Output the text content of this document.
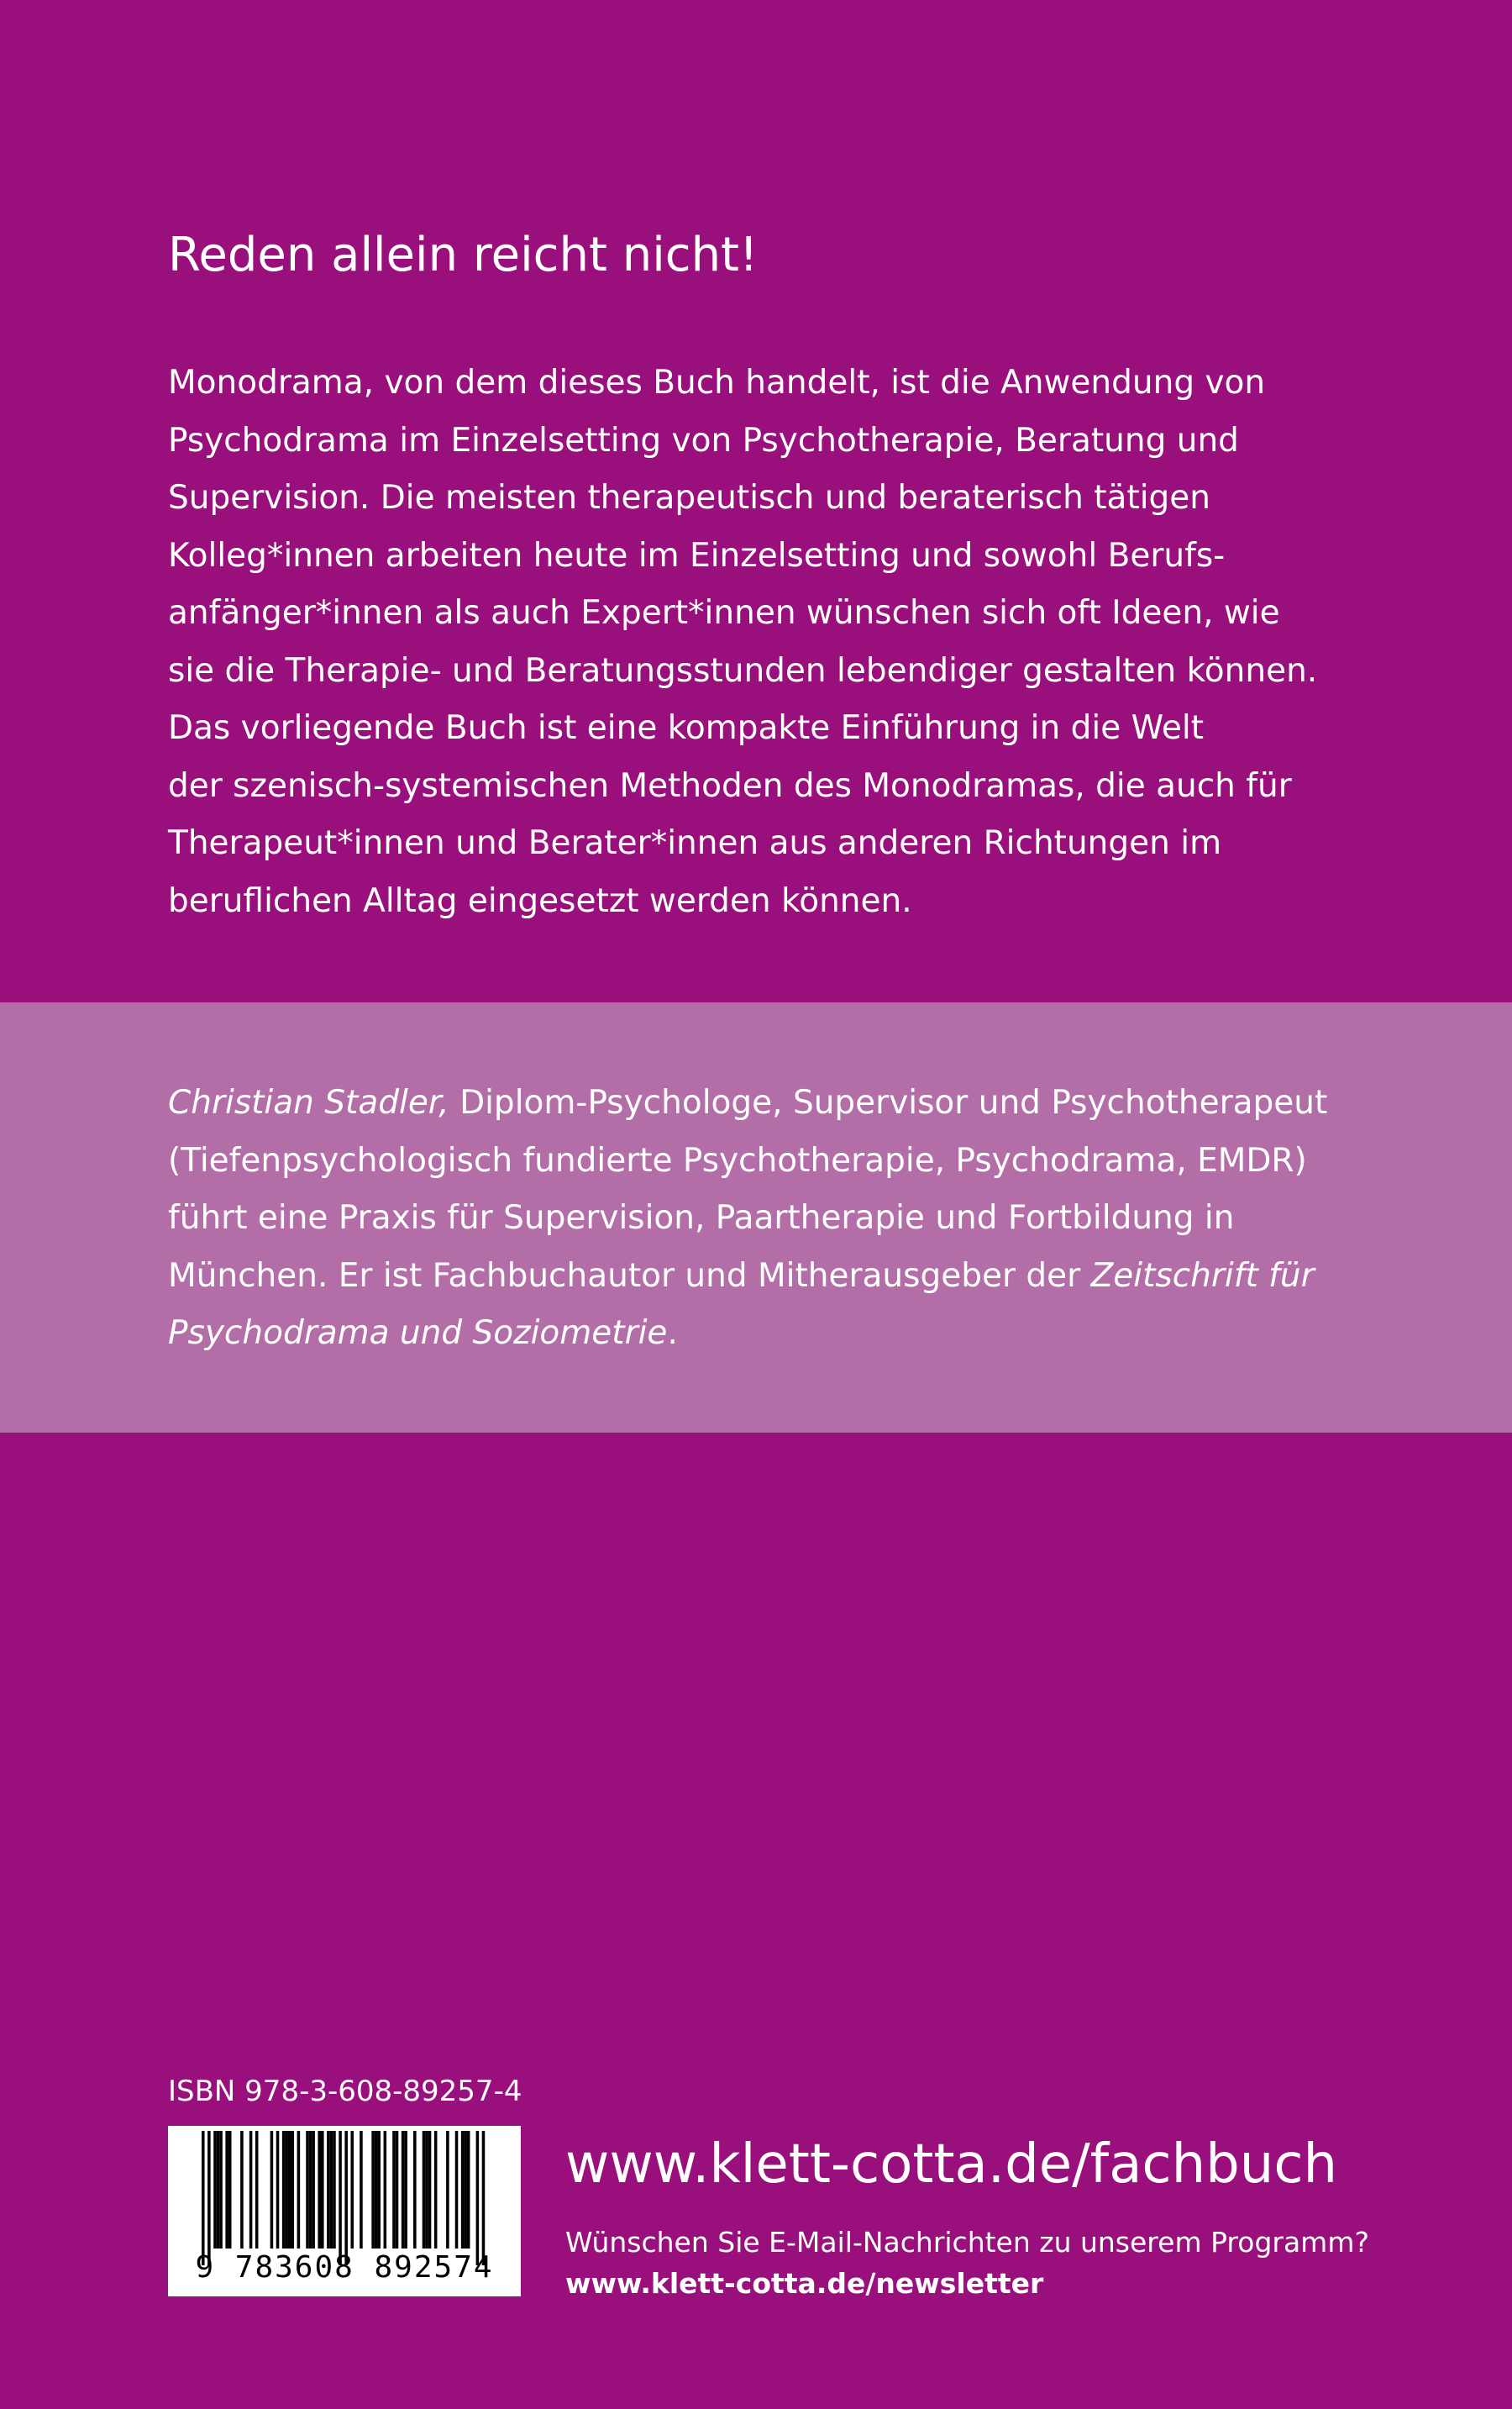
Reden allein reicht nicht!
Monodrama, von dem dieses Buch handelt, ist die Anwendung von
Psychodrama im Einzelsetting von Psychotherapie, Beratung und
Supervision. Die meisten therapeutisch und beraterisch tätigen
Kolleg*innen arbeiten heute im Einzelsetting und sowohl Berufs-
anfänger*innen als auch Expert*innen wünschen sich oft Ideen, wie
sie die Therapie- und Beratungsstunden lebendiger gestalten können.
Das vorliegende Buch ist eine kompakte Einführung in die Welt
der szenisch-systemischen Methoden des Monodramas, die auch für
Therapeut*innen und Berater*innen aus anderen Richtungen im
beruflichen Alltag eingesetzt werden können.
Christian Stadler, Diplom-Psychologe, Supervisor und Psychotherapeut
(Tiefenpsychologisch fundierte Psychotherapie, Psychodrama, EMDR)
führt eine Praxis für Supervision, Paartherapie und Fortbildung in
München. Er ist Fachbuchautor und Mitherausgeber der Zeitschrift für
Psychodrama und Soziometrie.
ISBN 978-3-608-89257-4
9 783608 892574
www.klett-cotta.de/fachbuch
Wünschen Sie E-Mail-Nachrichten zu unserem Programm?
www.klett-cotta.de/newsletter
